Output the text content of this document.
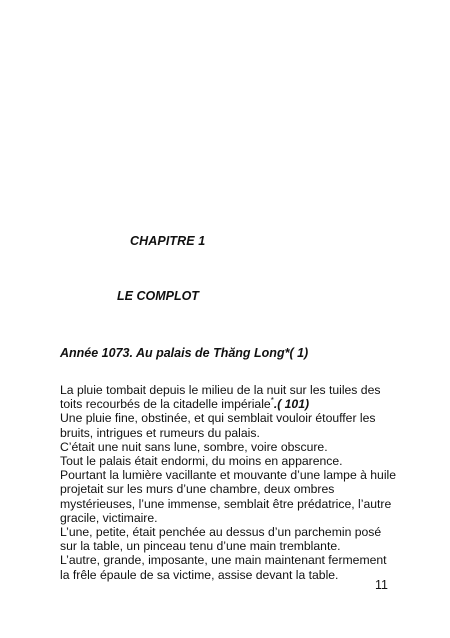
CHAPITRE 1
LE COMPLOT
Année 1073. Au palais de Thăng Long*( 1)
La pluie tombait depuis le milieu de la nuit sur les tuiles des
toits recourbés de la citadelle impériale*.( 101)
Une pluie fine, obstinée, et qui semblait vouloir étouffer les
bruits, intrigues et rumeurs du palais.
C’était une nuit sans lune, sombre, voire obscure.
Tout le palais était endormi, du moins en apparence.
Pourtant la lumière vacillante et mouvante d’une lampe à huile
projetait sur les murs d’une chambre, deux ombres
mystérieuses, l’une immense, semblait être prédatrice, l’autre
gracile, victimaire.
L’une, petite, était penchée au dessus d’un parchemin posé
sur la table, un pinceau tenu d’une main tremblante.
L’autre, grande, imposante, une main maintenant fermement
la frêle épaule de sa victime, assise devant la table.
11
